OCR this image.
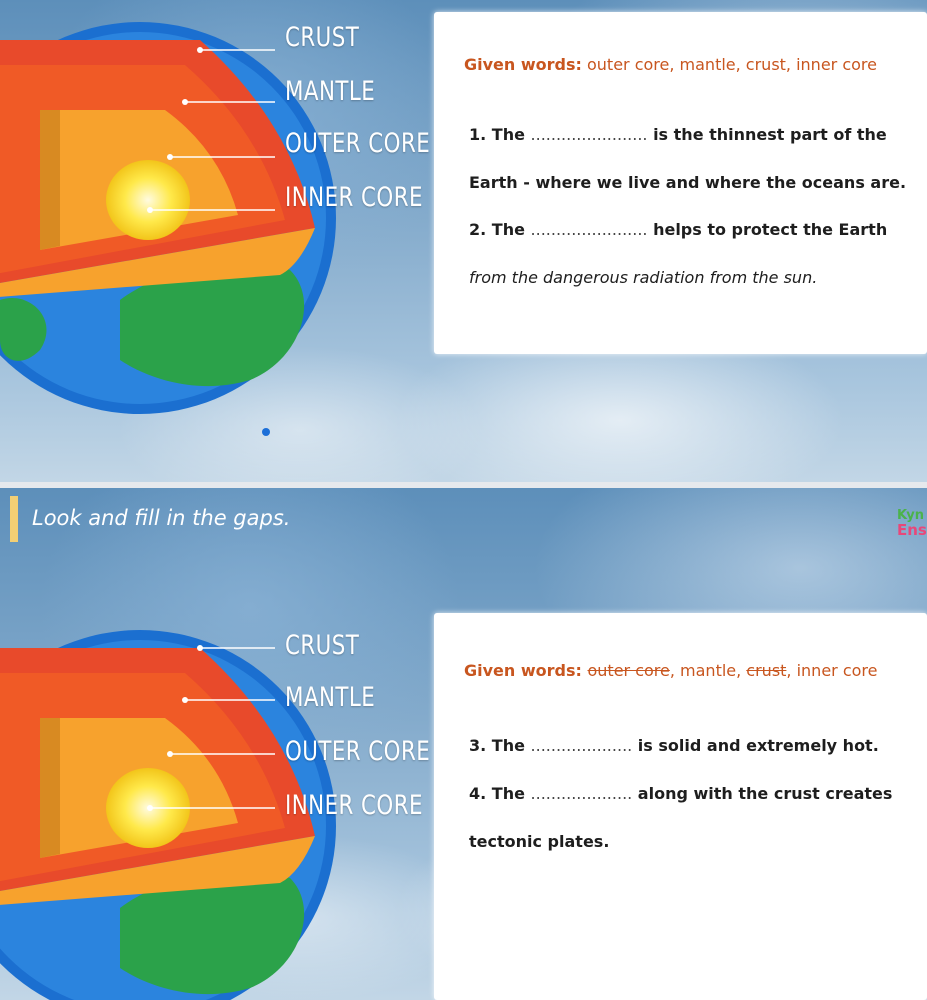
CRUST
MANTLE
OUTER CORE
INNER CORE
Given words: outer core, mantle, crust, inner core
1. The ....................... is the thinnest part of the
Earth - where we live and where the oceans are.
2. The ....................... helps to protect the Earth
from the dangerous radiation from the sun.
Look and fill in the gaps.	Kyn
Ens
CRUST
MANTLE
OUTER CORE
INNER CORE
Given words: outer core, mantle, crust, inner core
3. The .................... is solid and extremely hot.
4. The .................... along with the crust creates
tectonic plates.
